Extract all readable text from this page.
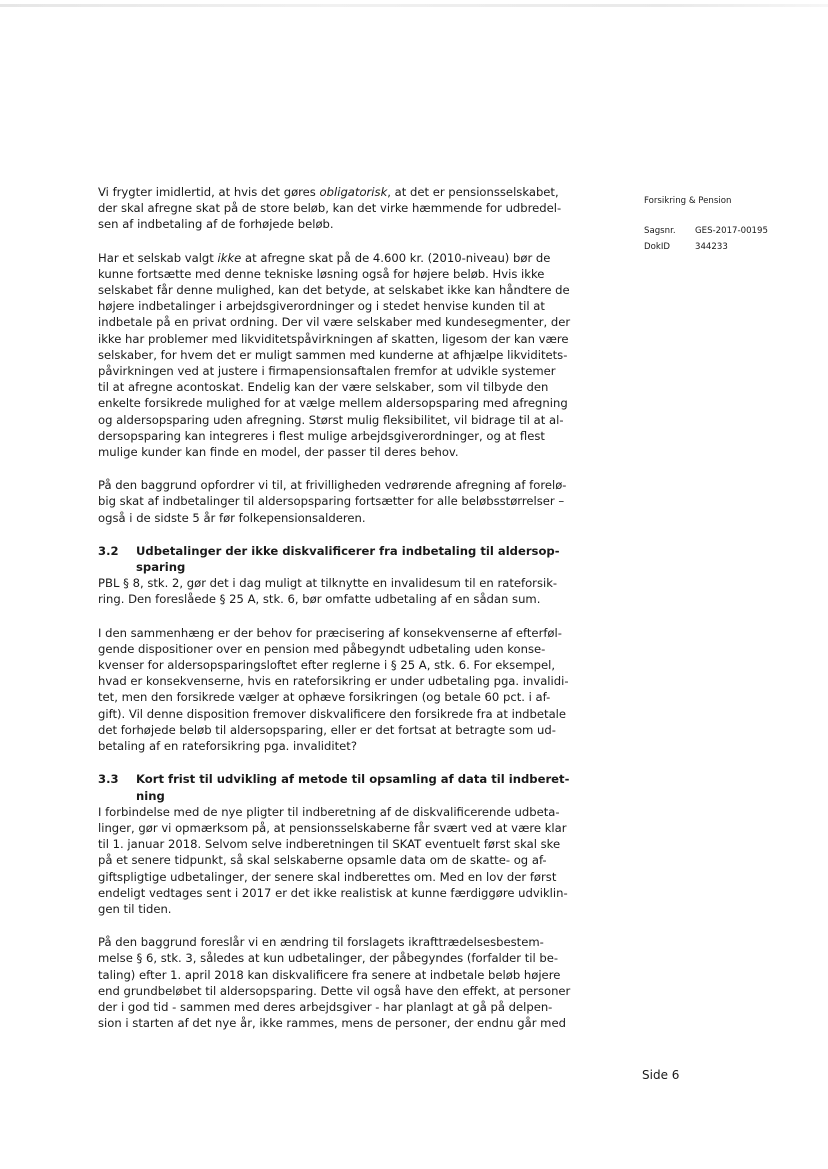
Forsikring & Pension
Sagsnr.	GES-2017-00195
DokID	344233

Vi frygter imidlertid, at hvis det gøres obligatorisk, at det er pensionsselskabet,
der skal afregne skat på de store beløb, kan det virke hæmmende for udbredel-
sen af indbetaling af de forhøjede beløb.

Har et selskab valgt ikke at afregne skat på de 4.600 kr. (2010-niveau) bør de
kunne fortsætte med denne tekniske løsning også for højere beløb. Hvis ikke
selskabet får denne mulighed, kan det betyde, at selskabet ikke kan håndtere de
højere indbetalinger i arbejdsgiverordninger og i stedet henvise kunden til at
indbetale på en privat ordning. Der vil være selskaber med kundesegmenter, der
ikke har problemer med likviditetspåvirkningen af skatten, ligesom der kan være
selskaber, for hvem det er muligt sammen med kunderne at afhjælpe likviditets-
påvirkningen ved at justere i firmapensionsaftalen fremfor at udvikle systemer
til at afregne acontoskat. Endelig kan der være selskaber, som vil tilbyde den
enkelte forsikrede mulighed for at vælge mellem aldersopsparing med afregning
og aldersopsparing uden afregning. Størst mulig fleksibilitet, vil bidrage til at al-
dersopsparing kan integreres i flest mulige arbejdsgiverordninger, og at flest
mulige kunder kan finde en model, der passer til deres behov.

På den baggrund opfordrer vi til, at frivilligheden vedrørende afregning af forelø-
big skat af indbetalinger til aldersopsparing fortsætter for alle beløbsstørrelser –
også i de sidste 5 år før folkepensionsalderen.

3.2 Udbetalinger der ikke diskvalificerer fra indbetaling til aldersop-
sparing

PBL § 8, stk. 2, gør det i dag muligt at tilknytte en invalidesum til en rateforsik-
ring. Den foreslåede § 25 A, stk. 6, bør omfatte udbetaling af en sådan sum.

I den sammenhæng er der behov for præcisering af konsekvenserne af efterføl-
gende dispositioner over en pension med påbegyndt udbetaling uden konse-
kvenser for aldersopsparingsloftet efter reglerne i § 25 A, stk. 6. For eksempel,
hvad er konsekvenserne, hvis en rateforsikring er under udbetaling pga. invalidi-
tet, men den forsikrede vælger at ophæve forsikringen (og betale 60 pct. i af-
gift). Vil denne disposition fremover diskvalificere den forsikrede fra at indbetale
det forhøjede beløb til aldersopsparing, eller er det fortsat at betragte som ud-
betaling af en rateforsikring pga. invaliditet?

3.3 Kort frist til udvikling af metode til opsamling af data til indberet-
ning

I forbindelse med de nye pligter til indberetning af de diskvalificerende udbeta-
linger, gør vi opmærksom på, at pensionsselskaberne får svært ved at være klar
til 1. januar 2018. Selvom selve indberetningen til SKAT eventuelt først skal ske
på et senere tidpunkt, så skal selskaberne opsamle data om de skatte- og af-
giftspligtige udbetalinger, der senere skal indberettes om. Med en lov der først
endeligt vedtages sent i 2017 er det ikke realistisk at kunne færdiggøre udviklin-
gen til tiden.

På den baggrund foreslår vi en ændring til forslagets ikrafttrædelsesbestem-
melse § 6, stk. 3, således at kun udbetalinger, der påbegyndes (forfalder til be-
taling) efter 1. april 2018 kan diskvalificere fra senere at indbetale beløb højere
end grundbeløbet til aldersopsparing. Dette vil også have den effekt, at personer
der i god tid - sammen med deres arbejdsgiver - har planlagt at gå på delpen-
sion i starten af det nye år, ikke rammes, mens de personer, der endnu går med

Side 6
